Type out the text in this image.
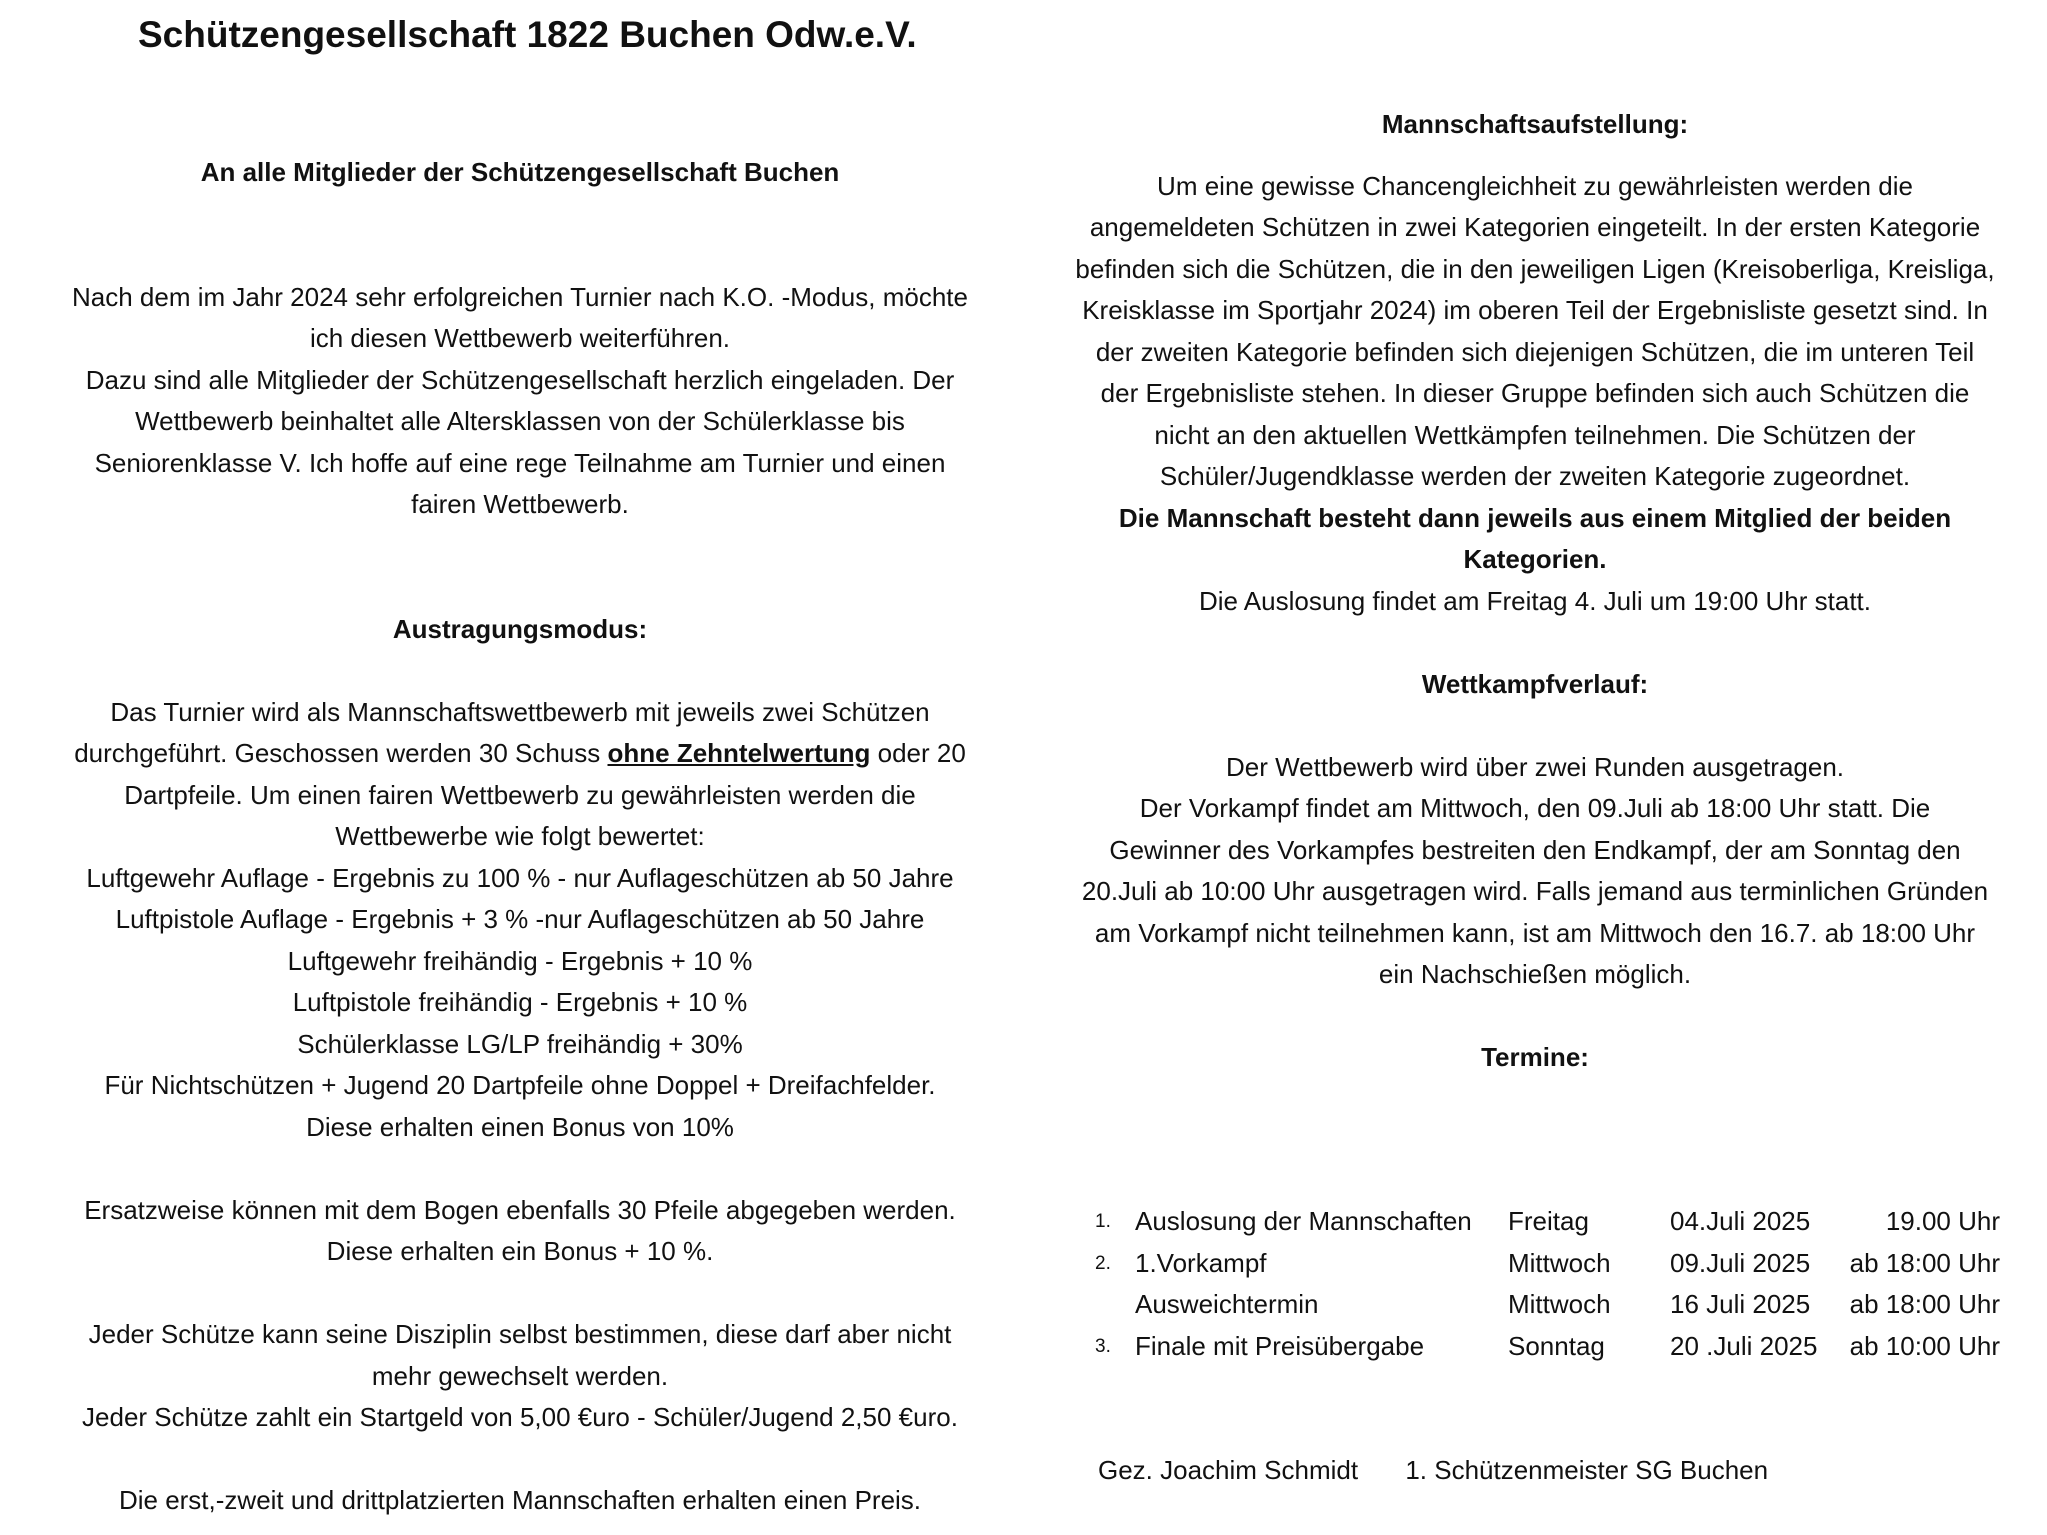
Schützengesellschaft 1822 Buchen Odw.e.V.

An alle Mitglieder der Schützengesellschaft Buchen

Nach dem im Jahr 2024 sehr erfolgreichen Turnier nach K.O. -Modus, möchte

ich diesen Wettbewerb weiterführen.

Dazu sind alle Mitglieder der Schützengesellschaft herzlich eingeladen. Der

Wettbewerb beinhaltet alle Altersklassen von der Schülerklasse bis

Seniorenklasse V. Ich hoffe auf eine rege Teilnahme am Turnier und einen

fairen Wettbewerb.

Austragungsmodus:

Das Turnier wird als Mannschaftswettbewerb mit jeweils zwei Schützen

durchgeführt. Geschossen werden 30 Schuss ohne Zehntelwertung oder 20

Dartpfeile. Um einen fairen Wettbewerb zu gewährleisten werden die

Wettbewerbe wie folgt bewertet:

Luftgewehr Auflage - Ergebnis zu 100 % - nur Auflageschützen ab 50 Jahre

Luftpistole Auflage - Ergebnis + 3 % -nur Auflageschützen ab 50 Jahre

Luftgewehr freihändig - Ergebnis + 10 %

Luftpistole freihändig - Ergebnis + 10 %

Schülerklasse LG/LP freihändig + 30%

Für Nichtschützen + Jugend 20 Dartpfeile ohne Doppel + Dreifachfelder.

Diese erhalten einen Bonus von 10%

Ersatzweise können mit dem Bogen ebenfalls 30 Pfeile abgegeben werden.

Diese erhalten ein Bonus + 10 %.

Jeder Schütze kann seine Disziplin selbst bestimmen, diese darf aber nicht

mehr gewechselt werden.

Jeder Schütze zahlt ein Startgeld von 5,00 €uro - Schüler/Jugend 2,50 €uro.

Die erst,-zweit und drittplatzierten Mannschaften erhalten einen Preis.

Mannschaftsaufstellung:

Um eine gewisse Chancengleichheit zu gewährleisten werden die

angemeldeten Schützen in zwei Kategorien eingeteilt. In der ersten Kategorie

befinden sich die Schützen, die in den jeweiligen Ligen (Kreisoberliga, Kreisliga,

Kreisklasse im Sportjahr 2024) im oberen Teil der Ergebnisliste gesetzt sind. In

der zweiten Kategorie befinden sich diejenigen Schützen, die im unteren Teil

der Ergebnisliste stehen. In dieser Gruppe befinden sich auch Schützen die

nicht an den aktuellen Wettkämpfen teilnehmen. Die Schützen der

Schüler/Jugendklasse werden der zweiten Kategorie zugeordnet.

Die Mannschaft besteht dann jeweils aus einem Mitglied der beiden

Kategorien.

Die Auslosung findet am Freitag 4. Juli um 19:00 Uhr statt.

Wettkampfverlauf:

Der Wettbewerb wird über zwei Runden ausgetragen.

Der Vorkampf findet am Mittwoch, den 09.Juli ab 18:00 Uhr statt. Die

Gewinner des Vorkampfes bestreiten den Endkampf, der am Sonntag den

20.Juli ab 10:00 Uhr ausgetragen wird. Falls jemand aus terminlichen Gründen

am Vorkampf nicht teilnehmen kann, ist am Mittwoch den 16.7. ab 18:00 Uhr

ein Nachschießen möglich.

Termine:

1. Auslosung der Mannschaften Freitag	04.Juli 2025	19.00 Uhr
2. 1.Vorkampf	Mittwoch 09.Juli 2025	ab 18:00 Uhr
Ausweichtermin	Mittwoch 16 Juli 2025	ab 18:00 Uhr
3. Finale mit Preisübergabe	Sonntag	20 .Juli 2025	ab 10:00 Uhr
Gez. Joachim Schmidt 1. Schützenmeister SG Buchen
